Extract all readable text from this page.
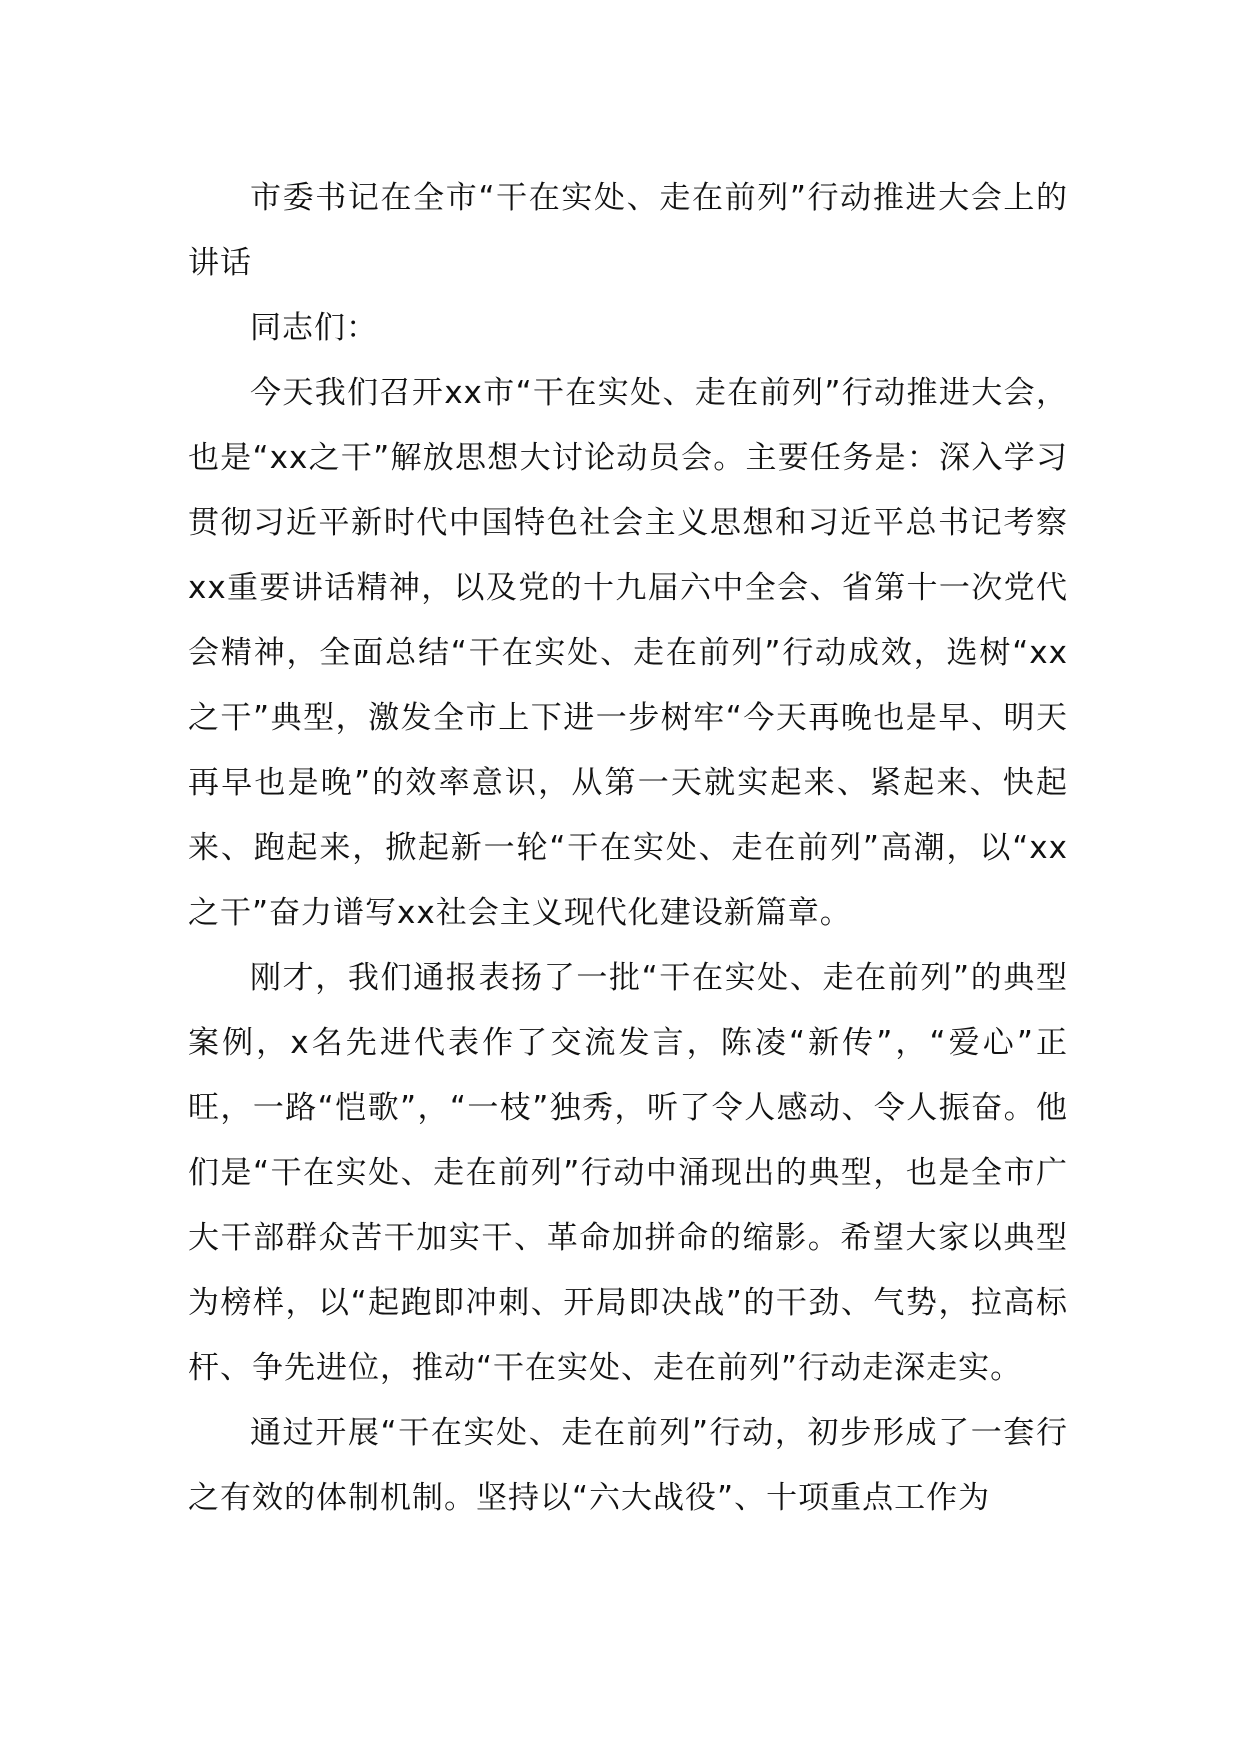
市委书记在全市“干在实处、走在前列”行动推进大会上的讲话

同志们：

今天我们召开xx市“干在实处、走在前列”行动推进大会，也是“xx之干”解放思想大讨论动员会。主要任务是：深入学习贯彻习近平新时代中国特色社会主义思想和习近平总书记考察xx重要讲话精神，以及党的十九届六中全会、省第十一次党代会精神，全面总结“干在实处、走在前列”行动成效，选树“xx之干”典型，激发全市上下进一步树牢“今天再晚也是早、明天再早也是晚”的效率意识，从第一天就实起来、紧起来、快起来、跑起来，掀起新一轮“干在实处、走在前列”高潮，以“xx之干”奋力谱写xx社会主义现代化建设新篇章。

刚才，我们通报表扬了一批“干在实处、走在前列”的典型案例，x名先进代表作了交流发言，陈凌“新传”，“爱心”正旺，一路“恺歌”，“一枝”独秀，听了令人感动、令人振奋。他们是“干在实处、走在前列”行动中涌现出的典型，也是全市广大干部群众苦干加实干、革命加拼命的缩影。希望大家以典型为榜样，以“起跑即冲刺、开局即决战”的干劲、气势，拉高标杆、争先进位，推动“干在实处、走在前列”行动走深走实。

通过开展“干在实处、走在前列”行动，初步形成了一套行之有效的体制机制。坚持以“六大战役”、十项重点工作为
